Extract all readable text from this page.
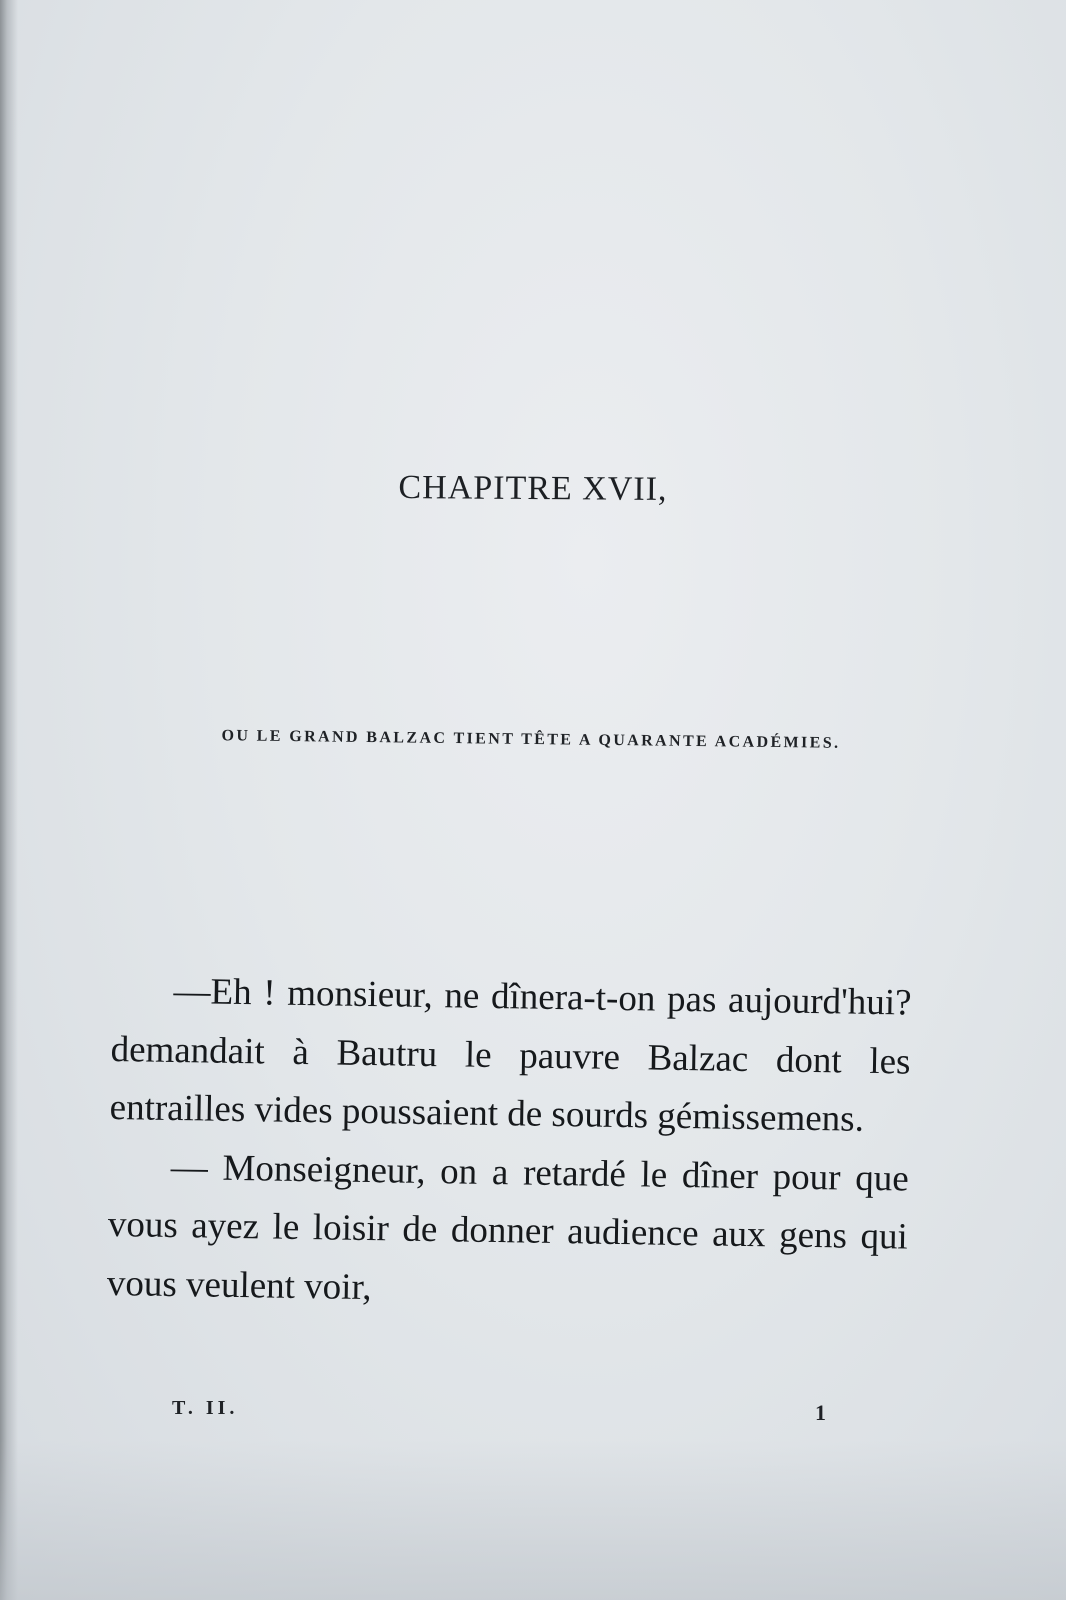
CHAPITRE XVII,
OU LE GRAND BALZAC TIENT TÊTE A QUARANTE ACADÉMIES.

—Eh ! monsieur, ne dînera-t-on pas aujourd'hui? demandait à Bautru le pauvre Balzac dont les entrailles vides poussaient de sourds gémissemens.

— Monseigneur, on a retardé le dîner pour que vous ayez le loisir de donner audience aux gens qui vous veulent voir,

T. II.	1
